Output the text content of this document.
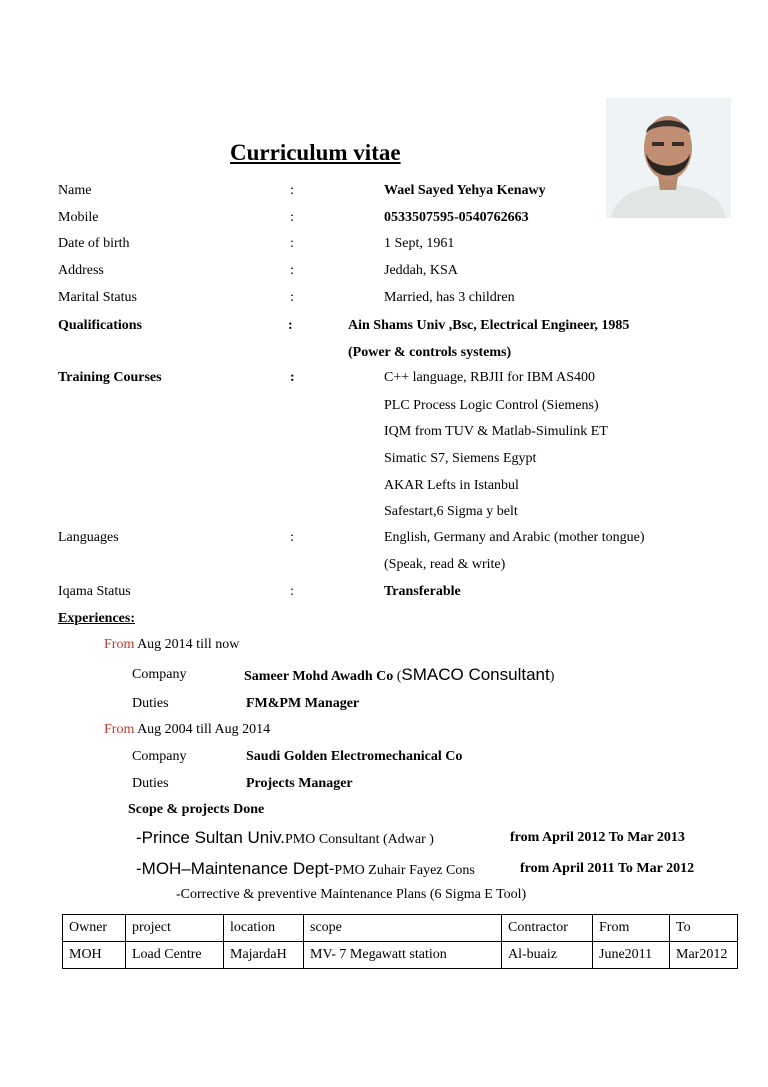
Curriculum vitae
Name	:	Wael Sayed Yehya Kenawy
Mobile	:	0533507595-0540762663
Date of birth	:	1 Sept, 1961
Address	:	Jeddah, KSA
Marital Status	:	Married, has 3 children
Qualifications	:	Ain Shams Univ ,Bsc, Electrical Engineer, 1985
(Power & controls systems)
Training Courses	:	C++ language, RBJII for IBM AS400
PLC Process Logic Control (Siemens)
IQM from TUV & Matlab-Simulink ET
Simatic S7, Siemens Egypt
AKAR Lefts in Istanbul
Safestart,6 Sigma y belt
Languages	:	English, Germany and Arabic (mother tongue)
(Speak, read & write)
Iqama Status	:	Transferable
Experiences:
From Aug 2014 till now
Company	Sameer Mohd Awadh Co (SMACO Consultant)
Duties	FM&PM Manager
From Aug 2004 till Aug 2014
Company	Saudi Golden Electromechanical Co
Duties	Projects Manager
Scope & projects Done
-Prince Sultan Univ.PMO Consultant (Adwar )	from April 2012 To Mar 2013
-MOH–Maintenance Dept-PMO Zuhair Fayez Cons	from April 2011 To Mar 2012
-Corrective & preventive Maintenance Plans (6 Sigma E Tool)
Owner	project	location	scope	Contractor	From	To
MOH	Load Centre	MajardaH	MV- 7 Megawatt station	Al-buaiz	June2011	Mar2012
